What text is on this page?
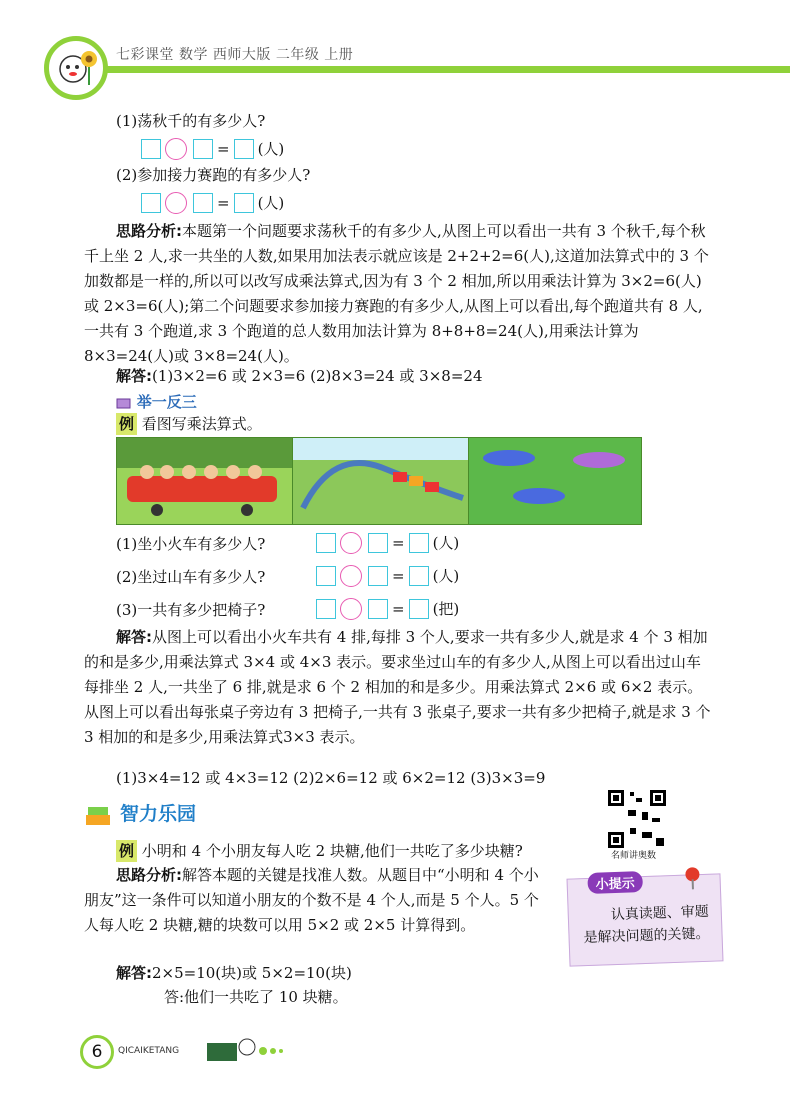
七彩课堂 数学 西师大版 二年级 上册
(1)荡秋千的有多少人?
= (人)
(2)参加接力赛跑的有多少人?
= (人)
思路分析:本题第一个问题要求荡秋千的有多少人,从图上可以看出一共有 3 个秋千,每个秋千上坐 2 人,求一共坐的人数,如果用加法表示就应该是 2+2+2=6(人),这道加法算式中的 3 个加数都是一样的,所以可以改写成乘法算式,因为有 3 个 2 相加,所以用乘法计算为 3×2=6(人)或 2×3=6(人);第二个问题要求参加接力赛跑的有多少人,从图上可以看出,每个跑道共有 8 人,一共有 3 个跑道,求 3 个跑道的总人数用加法计算为 8+8+8=24(人),用乘法计算为 8×3=24(人)或 3×8=24(人)。
解答:(1)3×2=6 或 2×3=6 (2)8×3=24 或 3×8=24
举一反三
例 看图写乘法算式。
(1)坐小火车有多少人?	= (人)
(2)坐过山车有多少人?	= (人)
(3)一共有多少把椅子?	= (把)
解答:从图上可以看出小火车共有 4 排,每排 3 个人,要求一共有多少人,就是求 4 个 3 相加的和是多少,用乘法算式 3×4 或 4×3 表示。要求坐过山车的有多少人,从图上可以看出过山车每排坐 2 人,一共坐了 6 排,就是求 6 个 2 相加的和是多少。用乘法算式 2×6 或 6×2 表示。从图上可以看出每张桌子旁边有 3 把椅子,一共有 3 张桌子,要求一共有多少把椅子,就是求 3 个 3 相加的和是多少,用乘法算式3×3 表示。
(1)3×4=12 或 4×3=12 (2)2×6=12 或 6×2=12 (3)3×3=9
智力乐园
名师讲奥数
例 小明和 4 个小朋友每人吃 2 块糖,他们一共吃了多少块糖?
思路分析:解答本题的关键是找准人数。从题目中“小明和 4 个小朋友”这一条件可以知道小朋友的个数不是 4 个人,而是 5 个人。5 个人每人吃 2 块糖,糖的块数可以用 5×2 或 2×5 计算得到。
小提示
认真读题、审题是解决问题的关键。
解答:2×5=10(块)或 5×2=10(块)
答:他们一共吃了 10 块糖。
6	QICAIKETANG
